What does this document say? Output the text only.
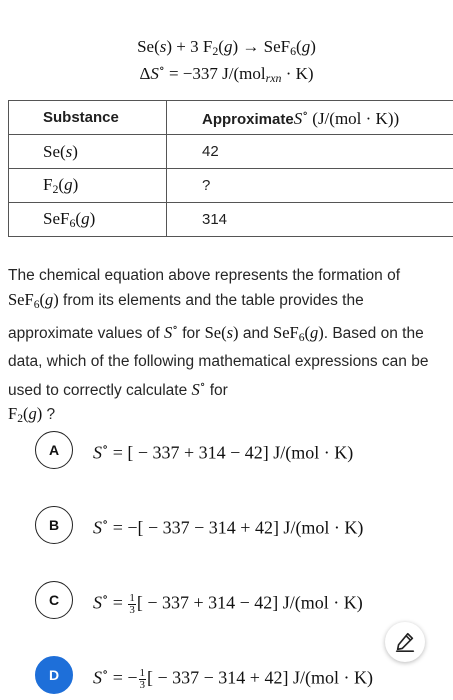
Se(s) + 3 $F_2(g) \to SeF_6(g)$
ΔS∘ = −337 J/(mol$_{rxn}$ · K)
Substance	ApproximateS∘ (J/(mol · K))
Se(s)	42
$F_2(g)$	?
SeF$_6$(g)	314
The chemical equation above represents the formation of SeF$_6$(g) from its elements and the table provides the approximate values of S∘ for Se(s) and SeF$_6$(g). Based on the data, which of the following mathematical expressions can be used to correctly calculate S∘ for
$F_2(g)$ ?
A	S∘ = [ − 337 + 314 − 42] J/(mol · K)
B	S∘ = −[ − 337 − 314 + 42] J/(mol · K)
C	$S^\circ = \frac{1}{3}$ [ − 337 + 314 − 42] J/(mol · K)
D	S∘ = − $\frac{1}{3}$ [ − 337 − 314 + 42] J/(mol · K)
